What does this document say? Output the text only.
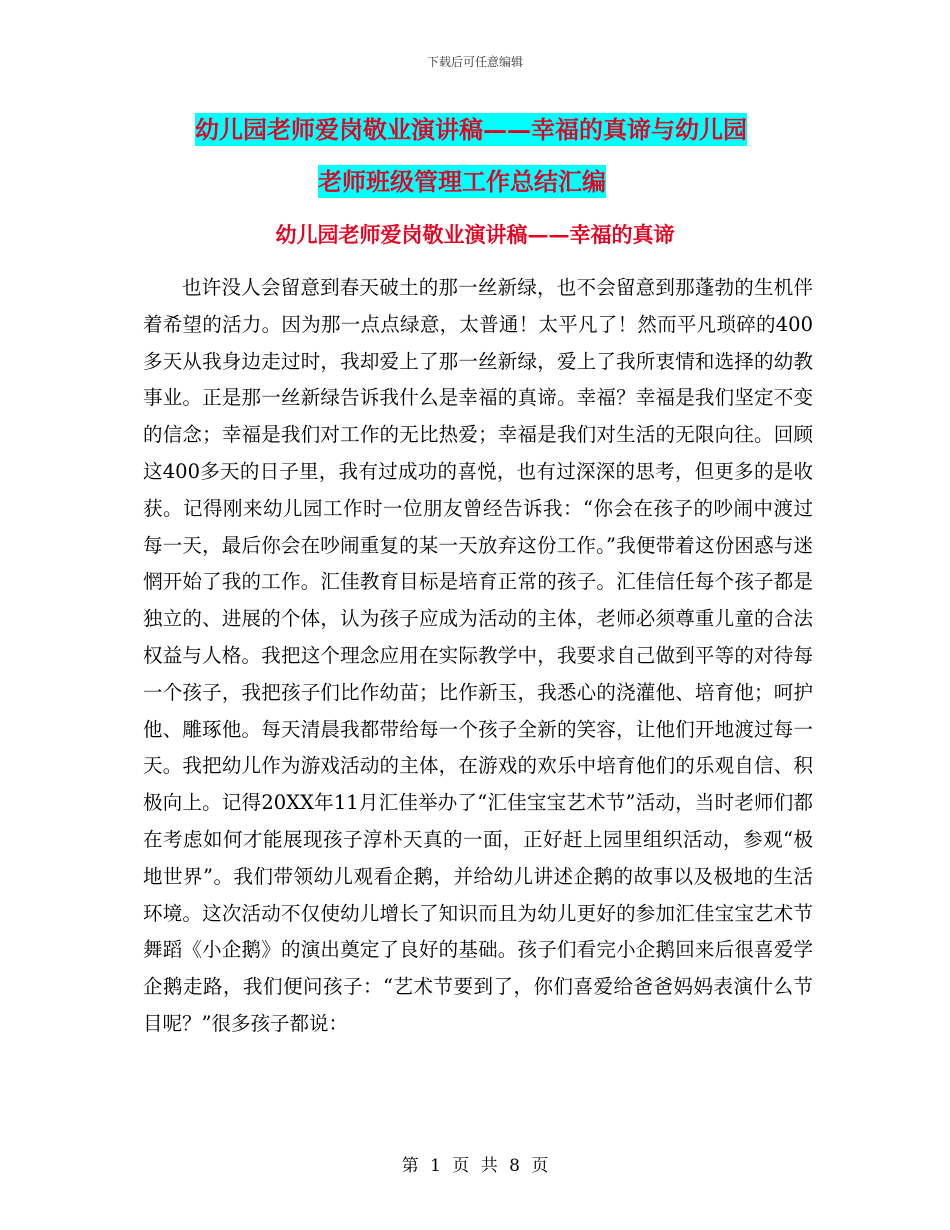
下载后可任意编辑
幼儿园老师爱岗敬业演讲稿——幸福的真谛与幼儿园
老师班级管理工作总结汇编
幼儿园老师爱岗敬业演讲稿——幸福的真谛

也许没人会留意到春天破土的那一丝新绿，也不会留意到那蓬勃的生机伴着希望的活力。因为那一点点绿意，太普通！太平凡了！然而平凡琐碎的400多天从我身边走过时，我却爱上了那一丝新绿，爱上了我所衷情和选择的幼教事业。正是那一丝新绿告诉我什么是幸福的真谛。幸福？幸福是我们坚定不变的信念；幸福是我们对工作的无比热爱；幸福是我们对生活的无限向往。回顾这400多天的日子里，我有过成功的喜悦，也有过深深的思考，但更多的是收获。记得刚来幼儿园工作时一位朋友曾经告诉我：“你会在孩子的吵闹中渡过每一天，最后你会在吵闹重复的某一天放弃这份工作。”我便带着这份困惑与迷惘开始了我的工作。汇佳教育目标是培育正常的孩子。汇佳信任每个孩子都是独立的、进展的个体，认为孩子应成为活动的主体，老师必须尊重儿童的合法权益与人格。我把这个理念应用在实际教学中，我要求自己做到平等的对待每一个孩子，我把孩子们比作幼苗；比作新玉，我悉心的浇灌他、培育他；呵护他、雕琢他。每天清晨我都带给每一个孩子全新的笑容，让他们开地渡过每一天。我把幼儿作为游戏活动的主体，在游戏的欢乐中培育他们的乐观自信、积极向上。记得20XX年11月汇佳举办了“汇佳宝宝艺术节”活动，当时老师们都在考虑如何才能展现孩子淳朴天真的一面，正好赶上园里组织活动，参观“极地世界”。我们带领幼儿观看企鹅，并给幼儿讲述企鹅的故事以及极地的生活环境。这次活动不仅使幼儿增长了知识而且为幼儿更好的参加汇佳宝宝艺术节舞蹈《小企鹅》的演出奠定了良好的基础。孩子们看完小企鹅回来后很喜爱学企鹅走路，我们便问孩子：“艺术节要到了，你们喜爱给爸爸妈妈表演什么节目呢？”很多孩子都说：

第 1 页 共 8 页
